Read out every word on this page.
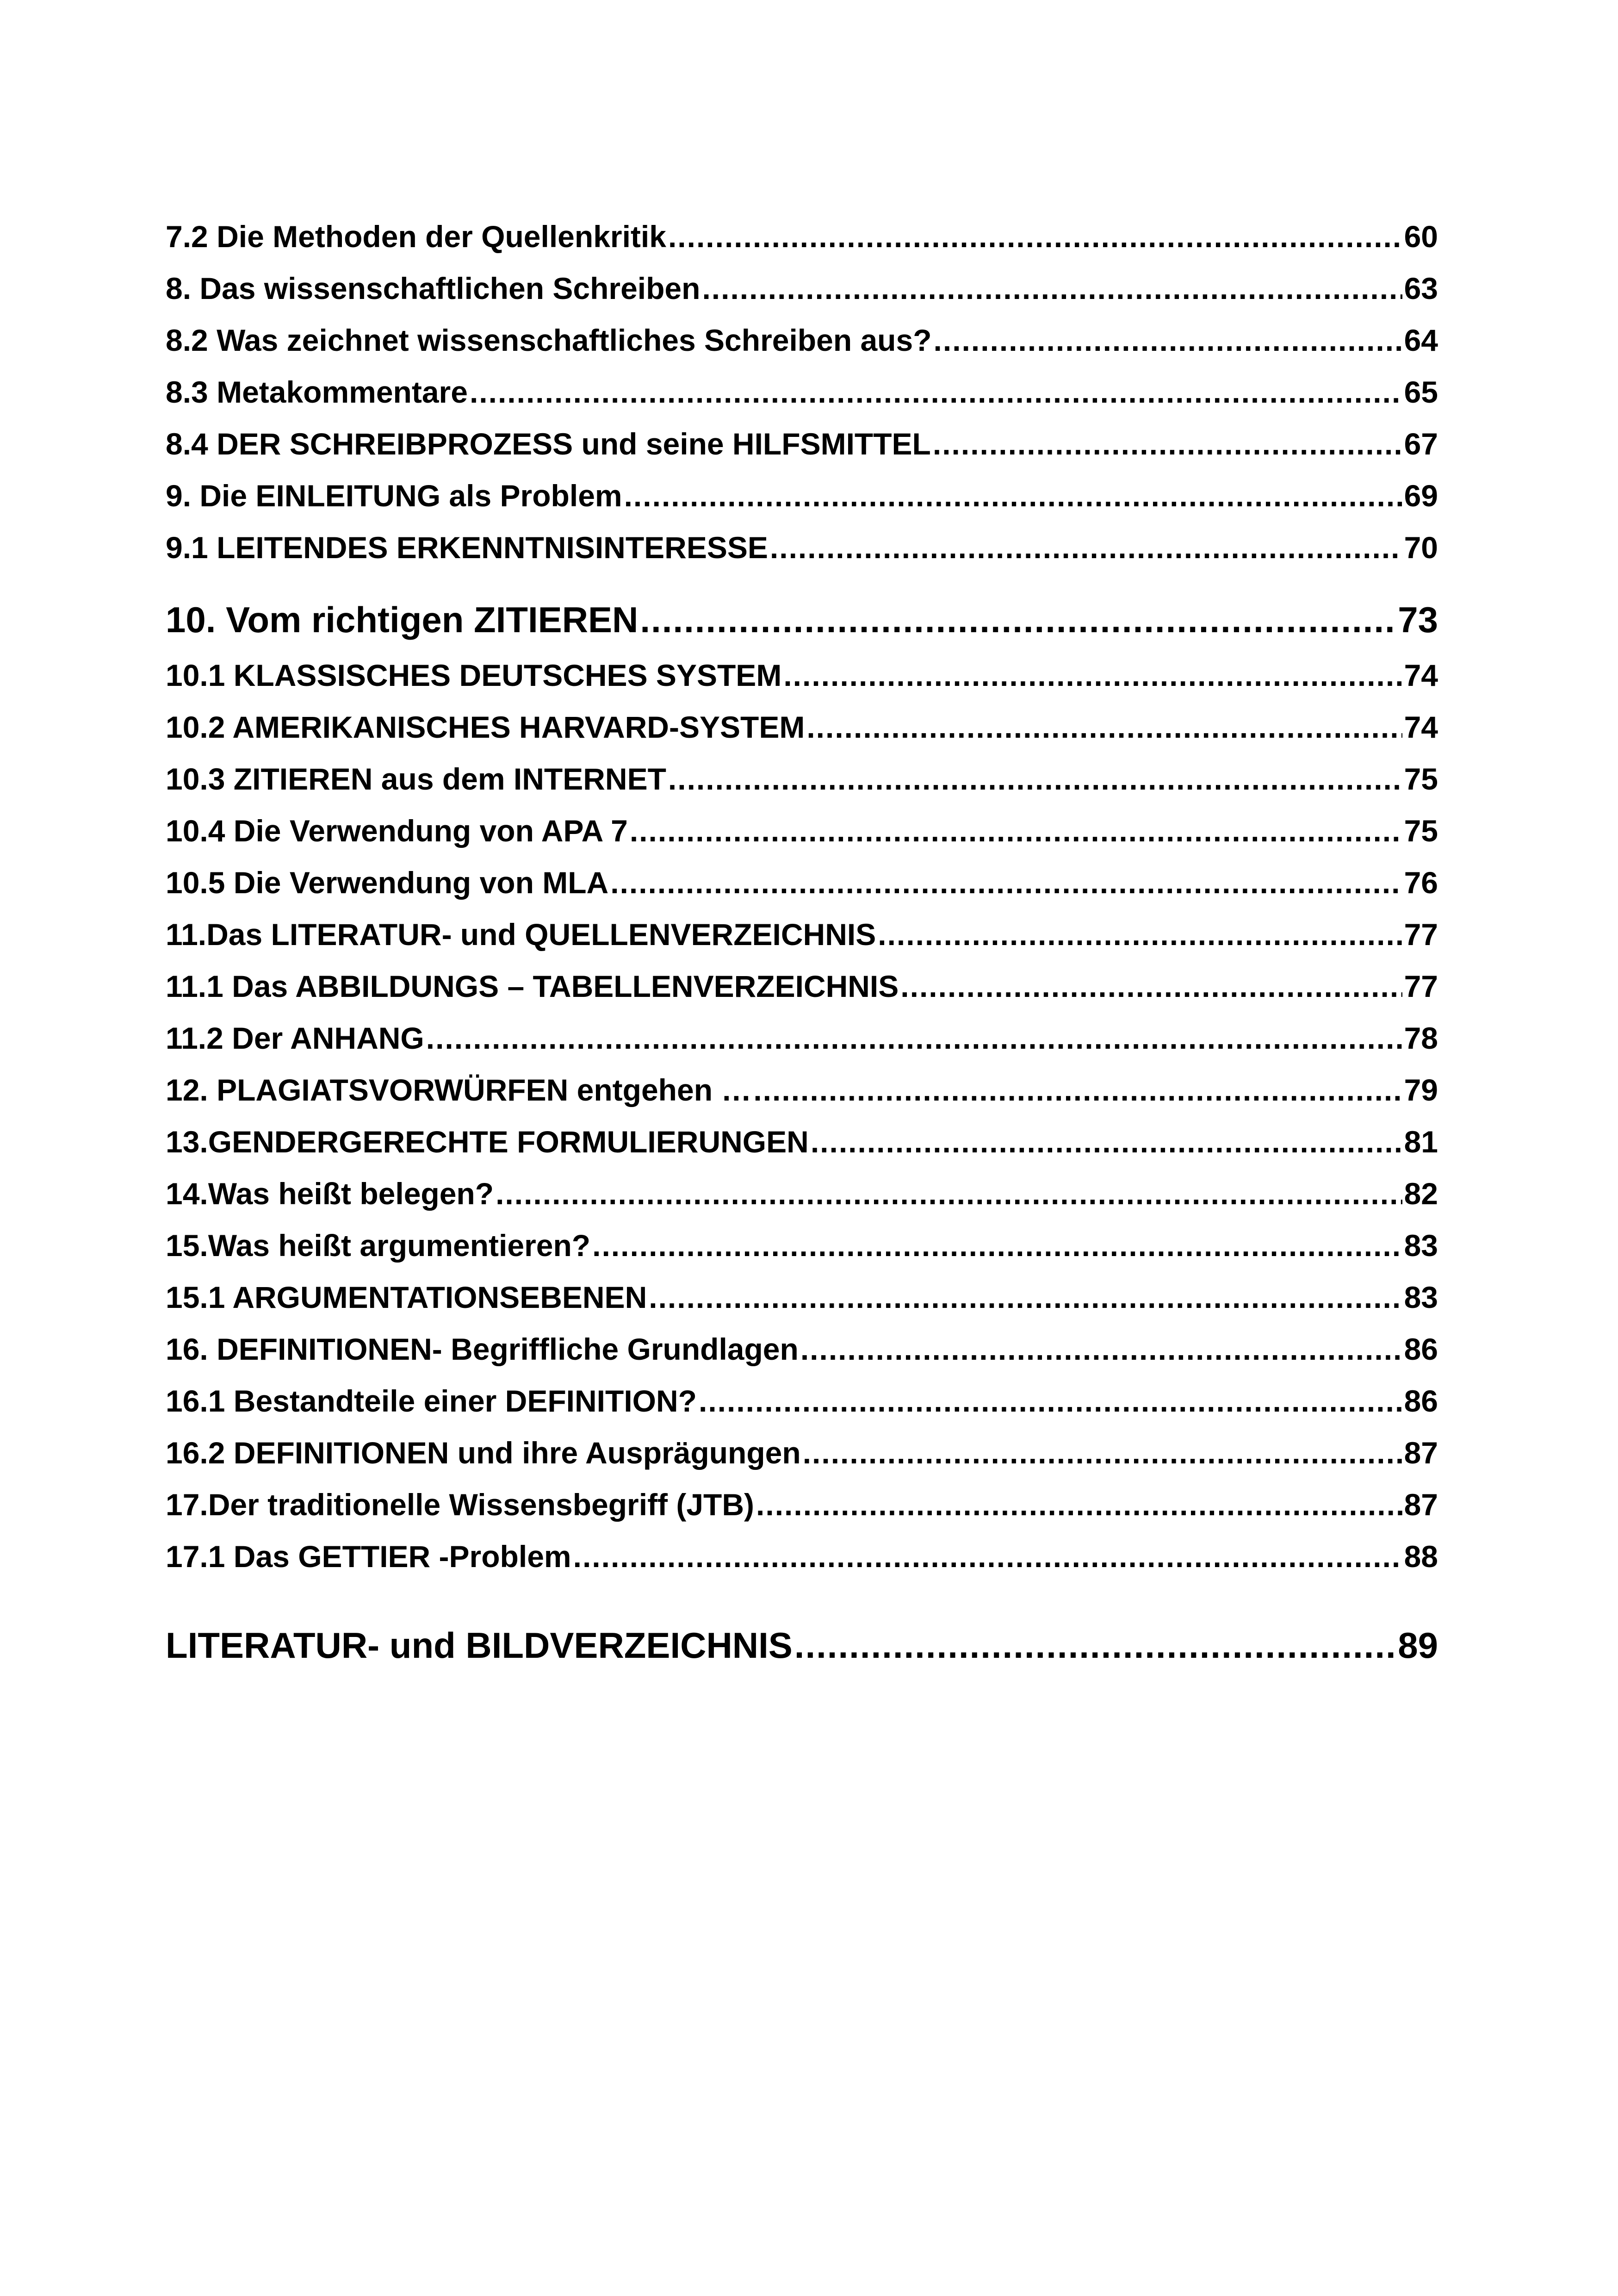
7.2 Die Methoden der Quellenkritik .....	60
8. Das wissenschaftlichen Schreiben .....	63
8.2 Was zeichnet wissenschaftliches Schreiben aus? .....	64
8.3 Metakommentare .....	65
8.4 DER SCHREIBPROZESS und seine HILFSMITTEL .....	67
9. Die EINLEITUNG als Problem .....	69
9.1 LEITENDES ERKENNTNISINTERESSE .....	70
10. Vom richtigen ZITIEREN .....	73
10.1 KLASSISCHES DEUTSCHES SYSTEM .....	74
10.2 AMERIKANISCHES HARVARD-SYSTEM .....	74
10.3 ZITIEREN aus dem INTERNET .....	75
10.4 Die Verwendung von APA 7 .....	75
10.5 Die Verwendung von MLA .....	76
11.Das LITERATUR- und QUELLENVERZEICHNIS .....	77
11.1 Das ABBILDUNGS – TABELLENVERZEICHNIS .....	77
11.2 Der ANHANG .....	78
12. PLAGIATSVORWÜRFEN entgehen … .....	79
13.GENDERGERECHTE FORMULIERUNGEN .....	81
14.Was heißt belegen? .....	82
15.Was heißt argumentieren? .....	83
15.1 ARGUMENTATIONSEBENEN .....	83
16. DEFINITIONEN- Begriffliche Grundlagen .....	86
16.1 Bestandteile einer DEFINITION? .....	86
16.2 DEFINITIONEN und ihre Ausprägungen .....	87
17.Der traditionelle Wissensbegriff (JTB) .....	87
17.1 Das GETTIER -Problem .....	88
LITERATUR- und BILDVERZEICHNIS .....	89
